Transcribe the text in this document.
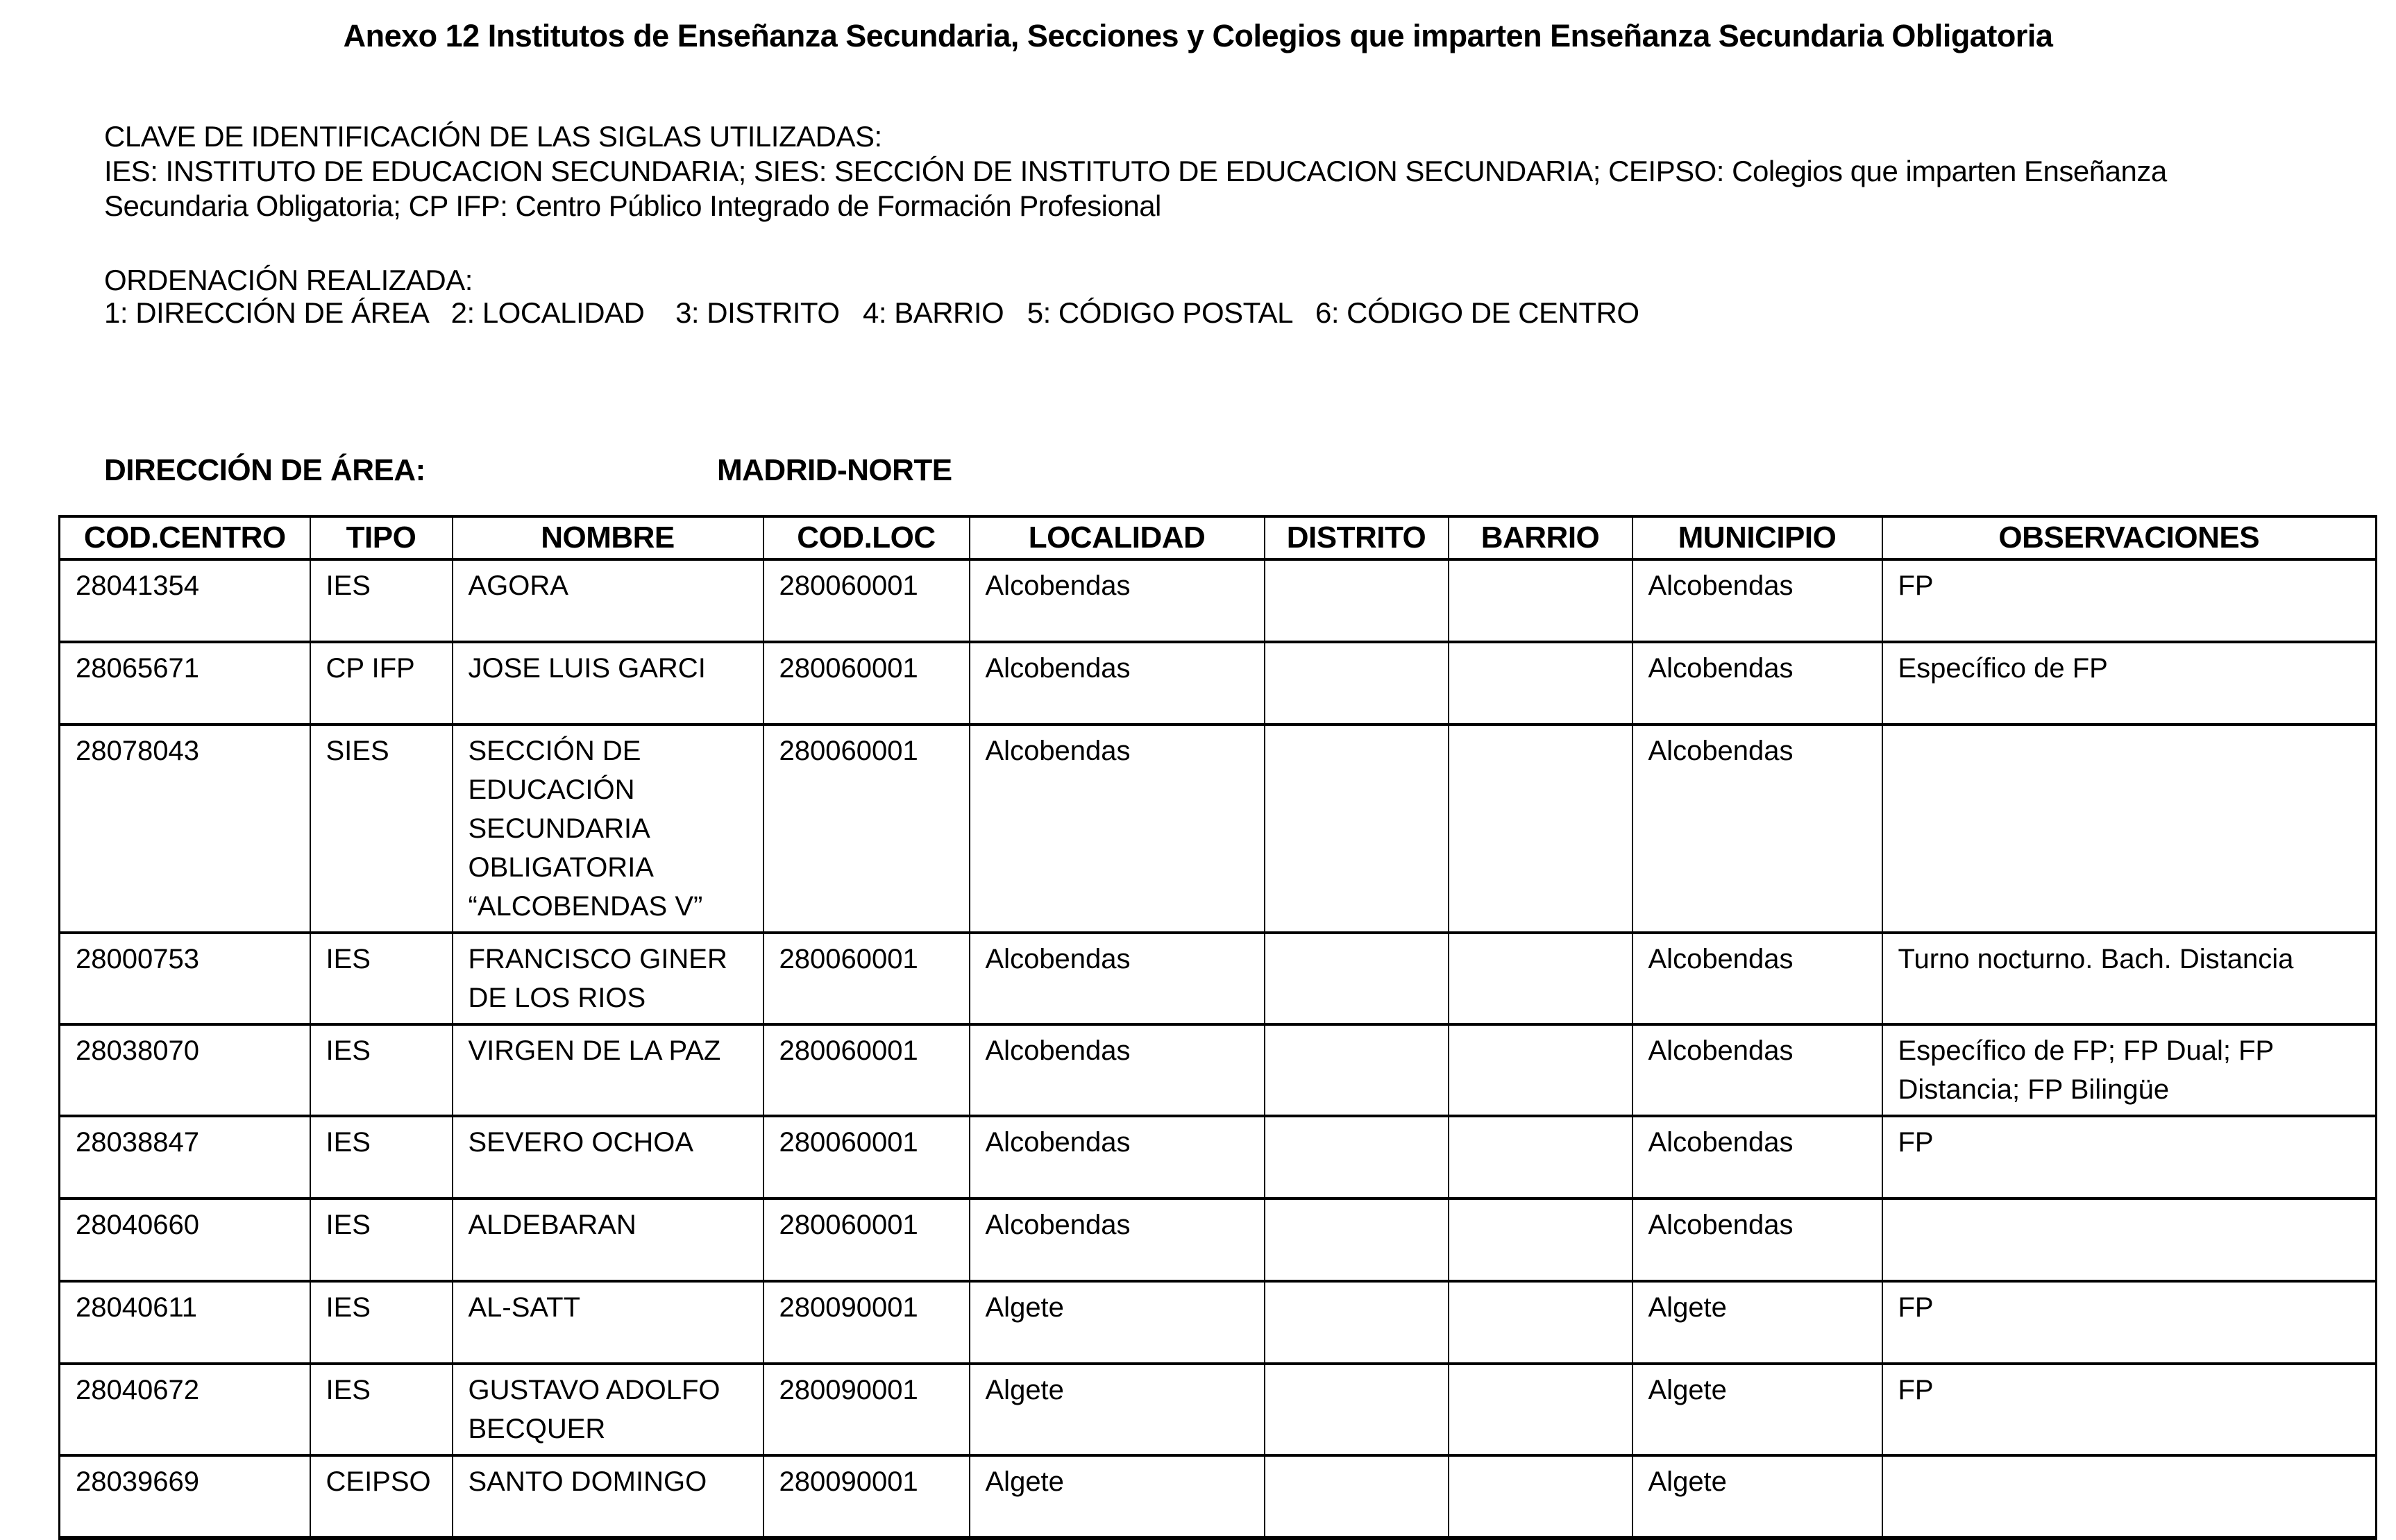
Anexo 12 Institutos de Enseñanza Secundaria, Secciones y Colegios que imparten Enseñanza Secundaria Obligatoria
CLAVE DE IDENTIFICACIÓN DE LAS SIGLAS UTILIZADAS:
IES: INSTITUTO DE EDUCACION SECUNDARIA; SIES: SECCIÓN DE INSTITUTO DE EDUCACION SECUNDARIA; CEIPSO: Colegios que imparten Enseñanza
Secundaria Obligatoria; CP IFP: Centro Público Integrado de Formación Profesional
ORDENACIÓN REALIZADA:
1: DIRECCIÓN DE ÁREA   2: LOCALIDAD    3: DISTRITO   4: BARRIO   5: CÓDIGO POSTAL   6: CÓDIGO DE CENTRO
DIRECCIÓN DE ÁREA:	MADRID-NORTE
COD.CENTRO	TIPO	NOMBRE	COD.LOC	LOCALIDAD	DISTRITO	BARRIO	MUNICIPIO	OBSERVACIONES
28041354	IES	AGORA	280060001	Alcobendas			Alcobendas	FP
28065671	CP IFP	JOSE LUIS GARCI	280060001	Alcobendas			Alcobendas	Específico de FP
28078043	SIES	SECCIÓN DE EDUCACIÓN SECUNDARIA OBLIGATORIA “ALCOBENDAS V”	280060001	Alcobendas			Alcobendas	
28000753	IES	FRANCISCO GINER DE LOS RIOS	280060001	Alcobendas			Alcobendas	Turno nocturno. Bach. Distancia
28038070	IES	VIRGEN DE LA PAZ	280060001	Alcobendas			Alcobendas	Específico de FP; FP Dual; FP Distancia; FP Bilingüe
28038847	IES	SEVERO OCHOA	280060001	Alcobendas			Alcobendas	FP
28040660	IES	ALDEBARAN	280060001	Alcobendas			Alcobendas	
28040611	IES	AL-SATT	280090001	Algete			Algete	FP
28040672	IES	GUSTAVO ADOLFO BECQUER	280090001	Algete			Algete	FP
28039669	CEIPSO	SANTO DOMINGO	280090001	Algete			Algete	
